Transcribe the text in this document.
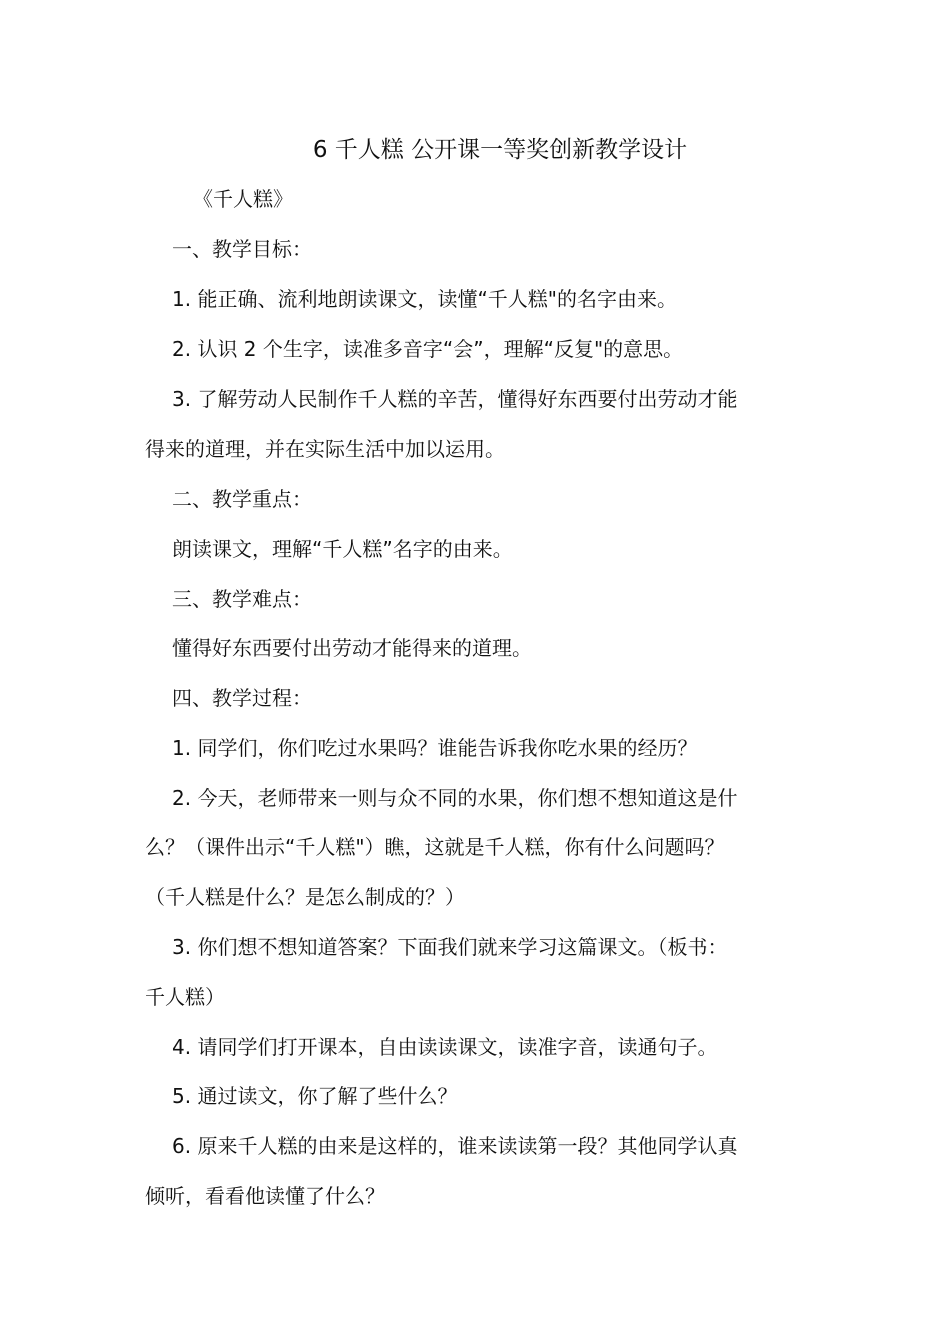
6 千人糕 公开课一等奖创新教学设计
《千人糕》
一、教学目标：
1. 能正确、流利地朗读课文，读懂“千人糕"的名字由来。
2. 认识 2 个生字，读准多音字“会”，理解“反复"的意思。
3. 了解劳动人民制作千人糕的辛苦，懂得好东西要付出劳动才能
得来的道理，并在实际生活中加以运用。
二、教学重点：
朗读课文，理解“千人糕”名字的由来。
三、教学难点：
懂得好东西要付出劳动才能得来的道理。
四、教学过程：
1. 同学们，你们吃过水果吗？谁能告诉我你吃水果的经历？
2. 今天，老师带来一则与众不同的水果，你们想不想知道这是什
么？（课件出示“千人糕"）瞧，这就是千人糕，你有什么问题吗？
（千人糕是什么？是怎么制成的？）
3. 你们想不想知道答案？下面我们就来学习这篇课文。（板书：
千人糕）
4. 请同学们打开课本，自由读读课文，读准字音，读通句子。
5. 通过读文，你了解了些什么？
6. 原来千人糕的由来是这样的，谁来读读第一段？其他同学认真
倾听，看看他读懂了什么？
